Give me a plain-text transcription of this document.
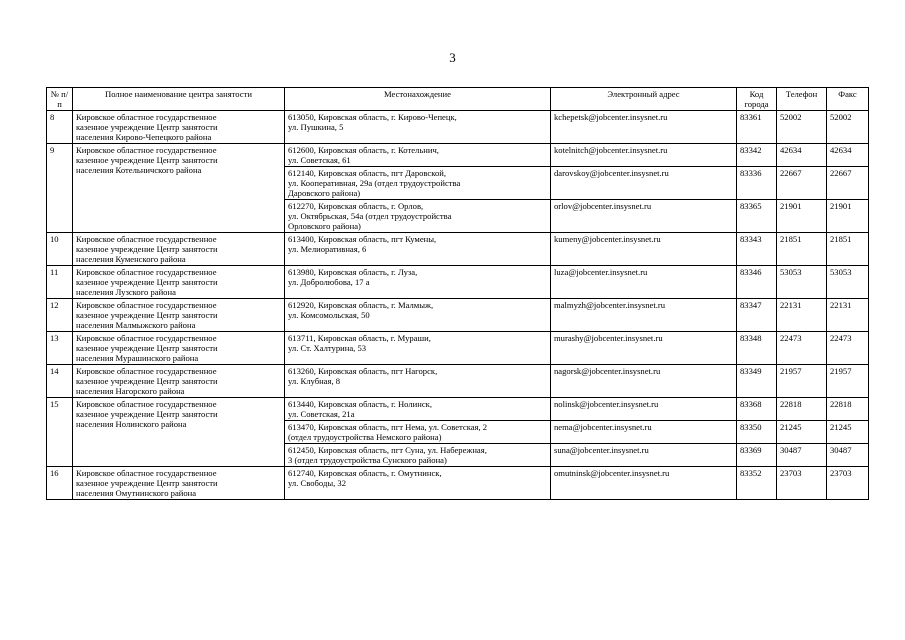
3
№ п/п	Полное наименование центра занятости	Местонахождение	Электронный адрес	Код города	Телефон	Факс
8	Кировское областное государственное
казенное учреждение Центр занятости
населения Кирово-Чепецкого района	613050, Кировская область, г. Кирово-Чепецк,
ул. Пушкина, 5	kchepetsk@jobcenter.insysnet.ru	83361	52002	52002
9	Кировское областное государственное
казенное учреждение Центр занятости
населения Котельничского района	612600, Кировская область, г. Котельнич,
ул. Советская, 61	kotelnitch@jobcenter.insysnet.ru	83342	42634	42634

		612140, Кировская область, пгт Даровской,
ул. Кооперативная, 29а (отдел трудоустройства
Даровского района)	darovskoy@jobcenter.insysnet.ru	83336	22667	22667

		612270, Кировская область, г. Орлов,
ул. Октябрьская, 54а (отдел трудоустройства
Орловского района)	orlov@jobcenter.insysnet.ru	83365	21901	21901
10	Кировское областное государственное
казенное учреждение Центр занятости
населения Куменского района	613400, Кировская область, пгт Кумены,
ул. Мелиоративная, 6	kumeny@jobcenter.insysnet.ru	83343	21851	21851
11	Кировское областное государственное
казенное учреждение Центр занятости
населения Лузского района	613980, Кировская область, г. Луза,
ул. Добролюбова, 17 а	luza@jobcenter.insysnet.ru	83346	53053	53053
12	Кировское областное государственное
казенное учреждение Центр занятости
населения Малмыжского района	612920, Кировская область, г. Малмыж,
ул. Комсомольская, 50	malmyzh@jobcenter.insysnet.ru	83347	22131	22131
13	Кировское областное государственное
казенное учреждение Центр занятости
населения Мурашинского района	613711, Кировская область, г. Мураши,
ул. Ст. Халтурина, 53	murashy@jobcenter.insysnet.ru	83348	22473	22473
14	Кировское областное государственное
казенное учреждение Центр занятости
населения Нагорского района	613260, Кировская область, пгт Нагорск,
ул. Клубная, 8	nagorsk@jobcenter.insysnet.ru	83349	21957	21957
15	Кировское областное государственное
казенное учреждение Центр занятости
населения Нолинского района	613440, Кировская область, г. Нолинск,
ул. Советская, 21а	nolinsk@jobcenter.insysnet.ru	83368	22818	22818

		613470, Кировская область, пгт Нема, ул. Советская, 2
(отдел трудоустройства Немского района)	nema@jobcenter.insysnet.ru	83350	21245	21245

		612450, Кировская область, пгт Суна, ул. Набережная,
3 (отдел трудоустройства Сунского района)	suna@jobcenter.insysnet.ru	83369	30487	30487
16	Кировское областное государственное
казенное учреждение Центр занятости
населения Омутнинского района	612740, Кировская область, г. Омутнинск,
ул. Свободы, 32	omutninsk@jobcenter.insysnet.ru	83352	23703	23703
